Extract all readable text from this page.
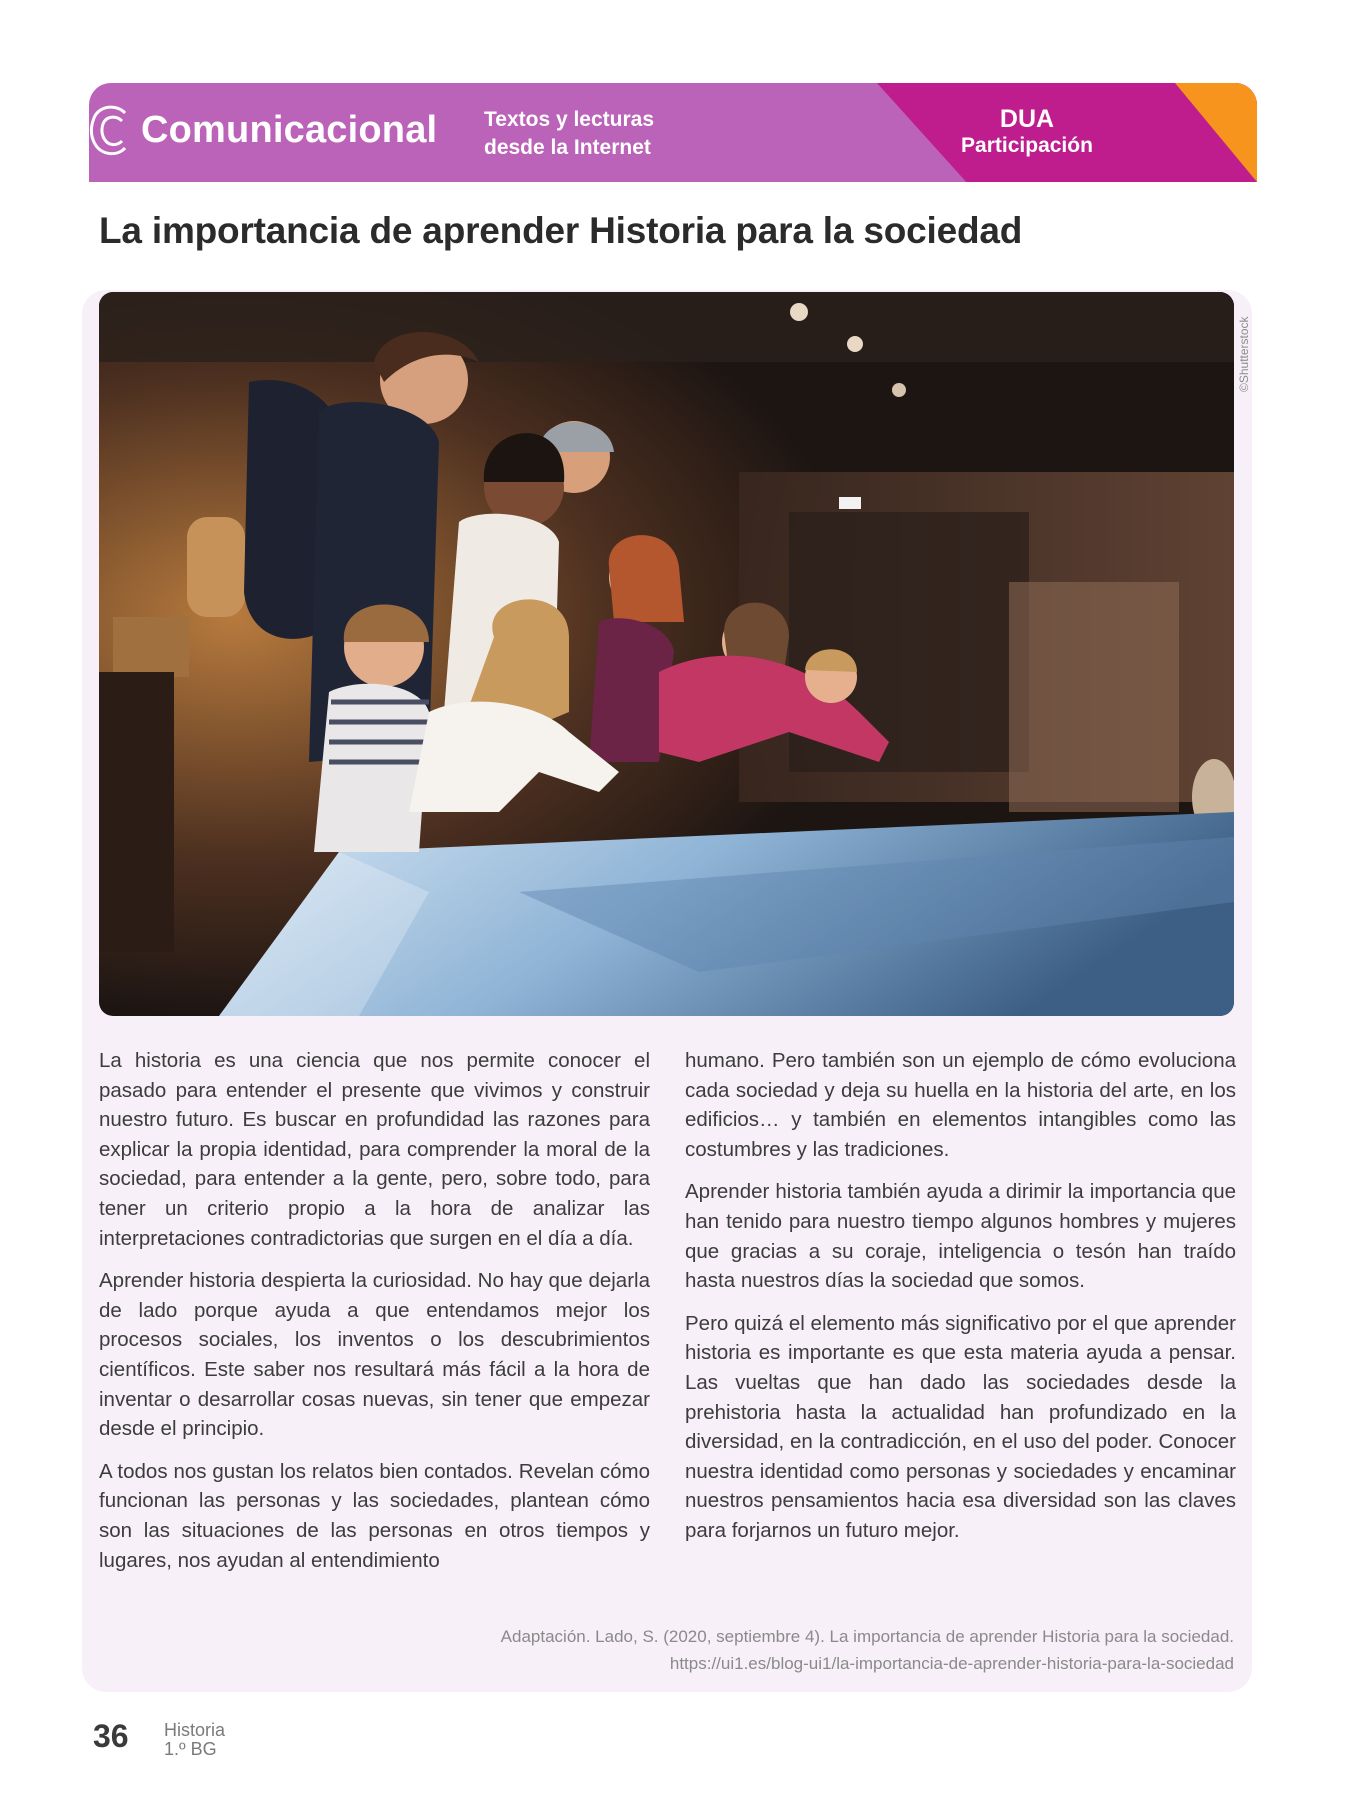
Comunicacional Textos y lecturas
desde la Internet
DUA
Participación
La importancia de aprender Historia para la sociedad
©Shutterstock

La historia es una ciencia que nos permite conocer el pasado para entender el presente que vivimos y construir nuestro futuro. Es buscar en profundidad las razones para explicar la propia identidad, para comprender la moral de la sociedad, para entender a la gente, pero, sobre todo, para tener un criterio propio a la hora de analizar las interpretaciones contradictorias que surgen en el día a día.

Aprender historia despierta la curiosidad. No hay que dejarla de lado porque ayuda a que entendamos mejor los procesos sociales, los inventos o los descubrimientos científicos. Este saber nos resultará más fácil a la hora de inventar o desarrollar cosas nuevas, sin tener que empezar desde el principio.

A todos nos gustan los relatos bien contados. Revelan cómo funcionan las personas y las sociedades, plantean cómo son las situaciones de las personas en otros tiempos y lugares, nos ayudan al entendimiento

humano. Pero también son un ejemplo de cómo evoluciona cada sociedad y deja su huella en la historia del arte, en los edificios… y también en elementos intangibles como las costumbres y las tradiciones.

Aprender historia también ayuda a dirimir la importancia que han tenido para nuestro tiempo algunos hombres y mujeres que gracias a su coraje, inteligencia o tesón han traído hasta nuestros días la sociedad que somos.

Pero quizá el elemento más significativo por el que aprender historia es importante es que esta materia ayuda a pensar. Las vueltas que han dado las sociedades desde la prehistoria hasta la actualidad han profundizado en la diversidad, en la contradicción, en el uso del poder. Conocer nuestra identidad como personas y sociedades y encaminar nuestros pensamientos hacia esa diversidad son las claves para forjarnos un futuro mejor.

Adaptación. Lado, S. (2020, septiembre 4). La importancia de aprender Historia para la sociedad.
https://ui1.es/blog-ui1/la-importancia-de-aprender-historia-para-la-sociedad
36 Historia
1.º BG
